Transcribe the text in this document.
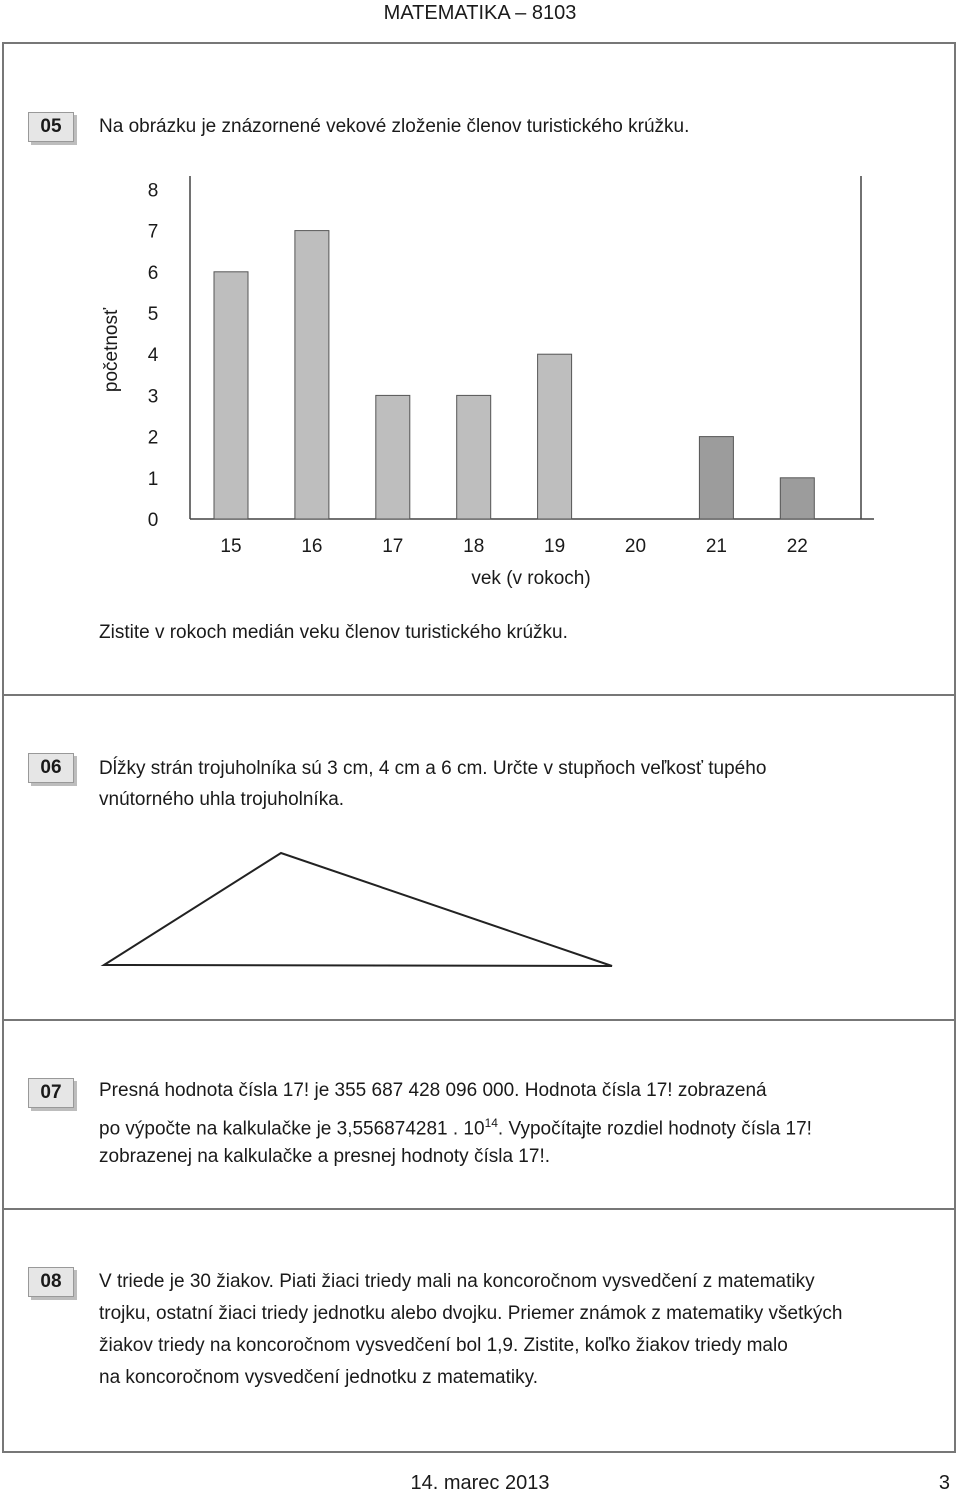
MATEMATIKA – 8103
05	Na obrázku je znázornené vekové zloženie členov turistického krúžku.
0
1
2
3
4
5
6
7
8
15	16	17	18	19	20	21	22
početnosť
vek (v rokoch)
Zistite v rokoch medián veku členov turistického krúžku.
06	Dĺžky strán trojuholníka sú 3 cm, 4 cm a 6 cm. Určte v stupňoch veľkosť tupého
vnútorného uhla trojuholníka.
07	Presná hodnota čísla 17! je 355 687 428 096 000. Hodnota čísla 17! zobrazená
po výpočte na kalkulačke je 3,556874281 . $10^{14}$. Vypočítajte rozdiel hodnoty čísla 17!
zobrazenej na kalkulačke a presnej hodnoty čísla 17!.
08	V triede je 30 žiakov. Piati žiaci triedy mali na koncoročnom vysvedčení z matematiky
trojku, ostatní žiaci triedy jednotku alebo dvojku. Priemer známok z matematiky všetkých
žiakov triedy na koncoročnom vysvedčení bol 1,9. Zistite, koľko žiakov triedy malo
na koncoročnom vysvedčení jednotku z matematiky.
14. marec 2013	3
